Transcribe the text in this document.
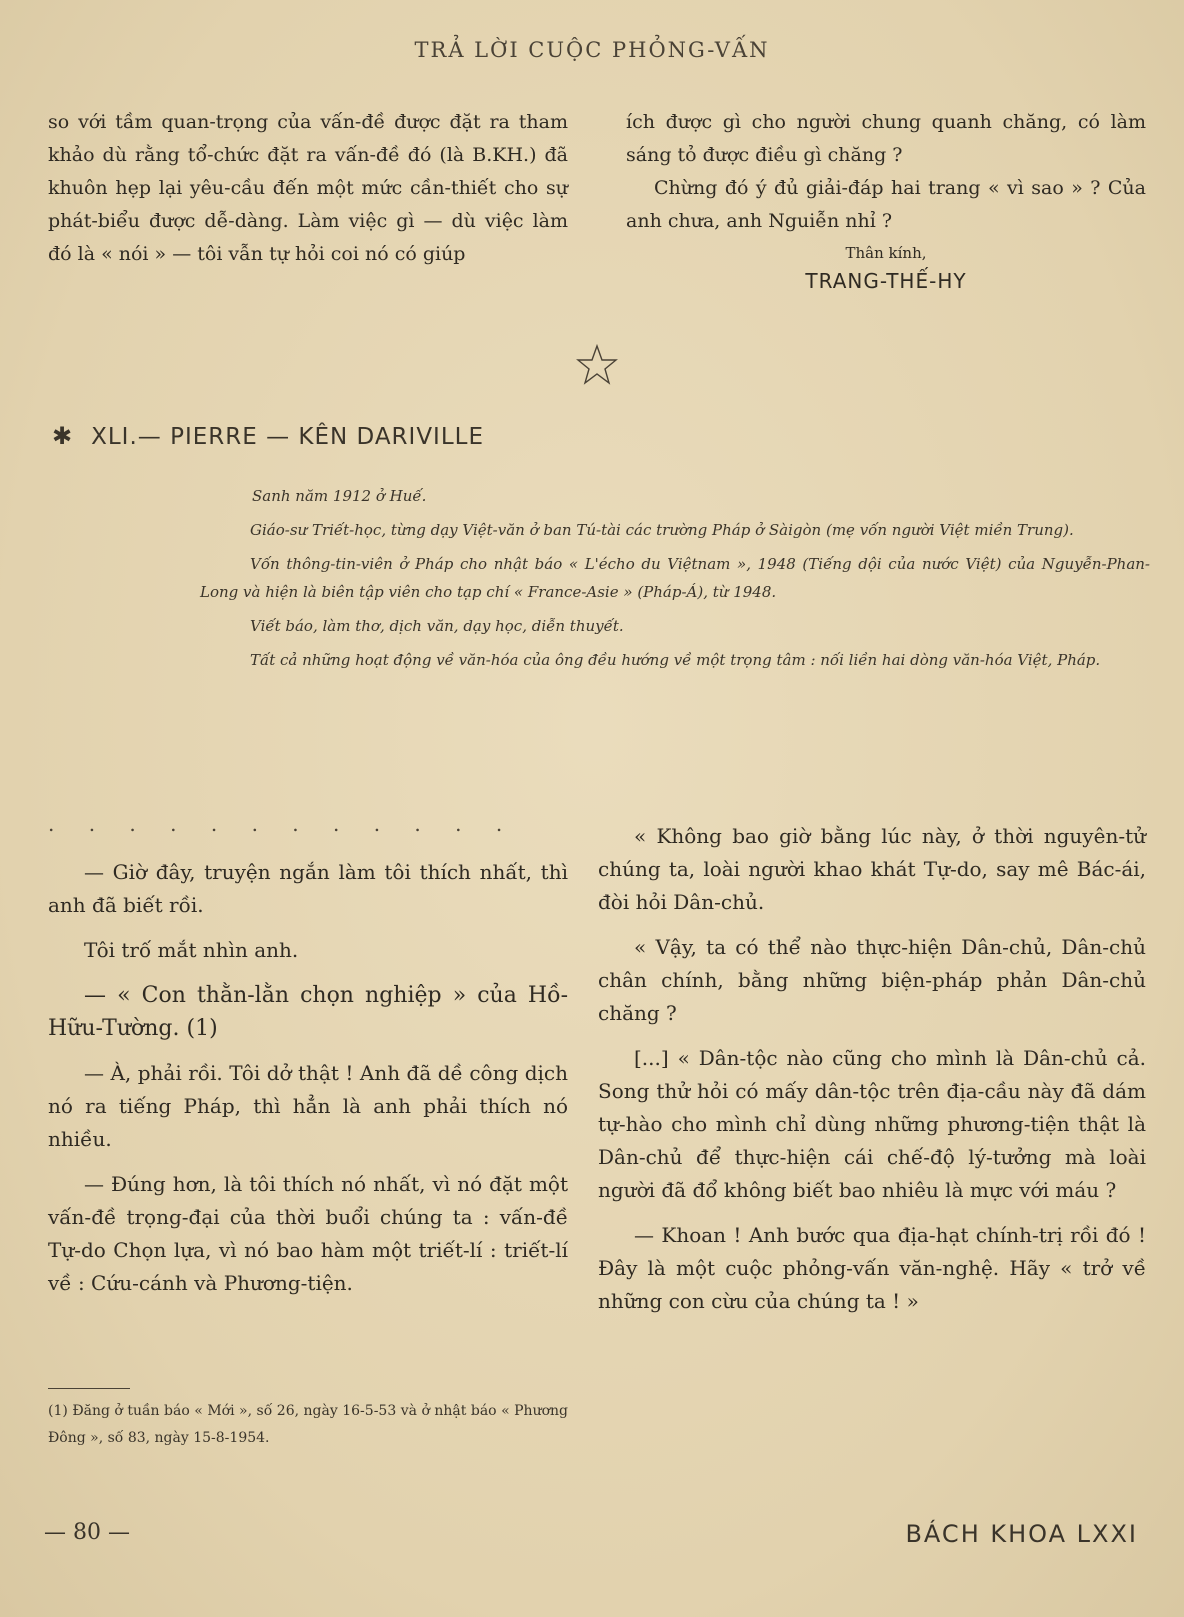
TRẢ LỜI CUỘC PHỎNG-VẤN

so với tầm quan-trọng của vấn-đề được đặt ra tham khảo dù rằng tổ-chức đặt ra vấn-đề đó (là B.KH.) đã khuôn hẹp lại yêu-cầu đến một mức cần-thiết cho sự phát-biểu được dễ-dàng. Làm việc gì — dù việc làm đó là « nói » — tôi vẫn tự hỏi coi nó có giúp

ích được gì cho người chung quanh chăng, có làm sáng tỏ được điều gì chăng ?

Chừng đó ý đủ giải-đáp hai trang « vì sao » ? Của anh chưa, anh Nguiễn nhỉ ?

Thân kính,
TRANG-THẾ-HY
✱ XLI.— PIERRE — KÊN DARIVILLE

Sanh năm 1912 ở Huế.

Giáo-sư Triết-học, từng dạy Việt-văn ở ban Tú-tài các trường Pháp ở Sàigòn (mẹ vốn người Việt miền Trung).

Vốn thông-tin-viên ở Pháp cho nhật báo « L'écho du Việtnam », 1948 (Tiếng dội của nước Việt) của Nguyễn-Phan-Long và hiện là biên tập viên cho tạp chí « France-Asie » (Pháp-Á), từ 1948.

Viết báo, làm thơ, dịch văn, dạy học, diễn thuyết.

Tất cả những hoạt động về văn-hóa của ông đều hướng về một trọng tâm : nối liền hai dòng văn-hóa Việt, Pháp.

. . . . . . . . . . . .

— Giờ đây, truyện ngắn làm tôi thích nhất, thì anh đã biết rồi.

Tôi trố mắt nhìn anh.

— « Con thằn-lằn chọn nghiệp » của Hồ-Hữu-Tường. (1)

— À, phải rồi. Tôi dở thật ! Anh đã dề công dịch nó ra tiếng Pháp, thì hẳn là anh phải thích nó nhiều.

— Đúng hơn, là tôi thích nó nhất, vì nó đặt một vấn-đề trọng-đại của thời buổi chúng ta : vấn-đề Tự-do Chọn lựa, vì nó bao hàm một triết-lí : triết-lí về : Cứu-cánh và Phương-tiện.

« Không bao giờ bằng lúc này, ở thời nguyên-tử chúng ta, loài người khao khát Tự-do, say mê Bác-ái, đòi hỏi Dân-chủ.

« Vậy, ta có thể nào thực-hiện Dân-chủ, Dân-chủ chân chính, bằng những biện-pháp phản Dân-chủ chăng ?

[...] « Dân-tộc nào cũng cho mình là Dân-chủ cả. Song thử hỏi có mấy dân-tộc trên địa-cầu này đã dám tự-hào cho mình chỉ dùng những phương-tiện thật là Dân-chủ để thực-hiện cái chế-độ lý-tưởng mà loài người đã đổ không biết bao nhiêu là mực với máu ?

— Khoan ! Anh bước qua địa-hạt chính-trị rồi đó ! Đây là một cuộc phỏng-vấn văn-nghệ. Hãy « trở về những con cừu của chúng ta ! »

(1) Đăng ở tuần báo « Mới », số 26, ngày 16-5-53 và ở nhật báo « Phương Đông », số 83, ngày 15-8-1954.
— 80 —	BÁCH KHOA LXXI
